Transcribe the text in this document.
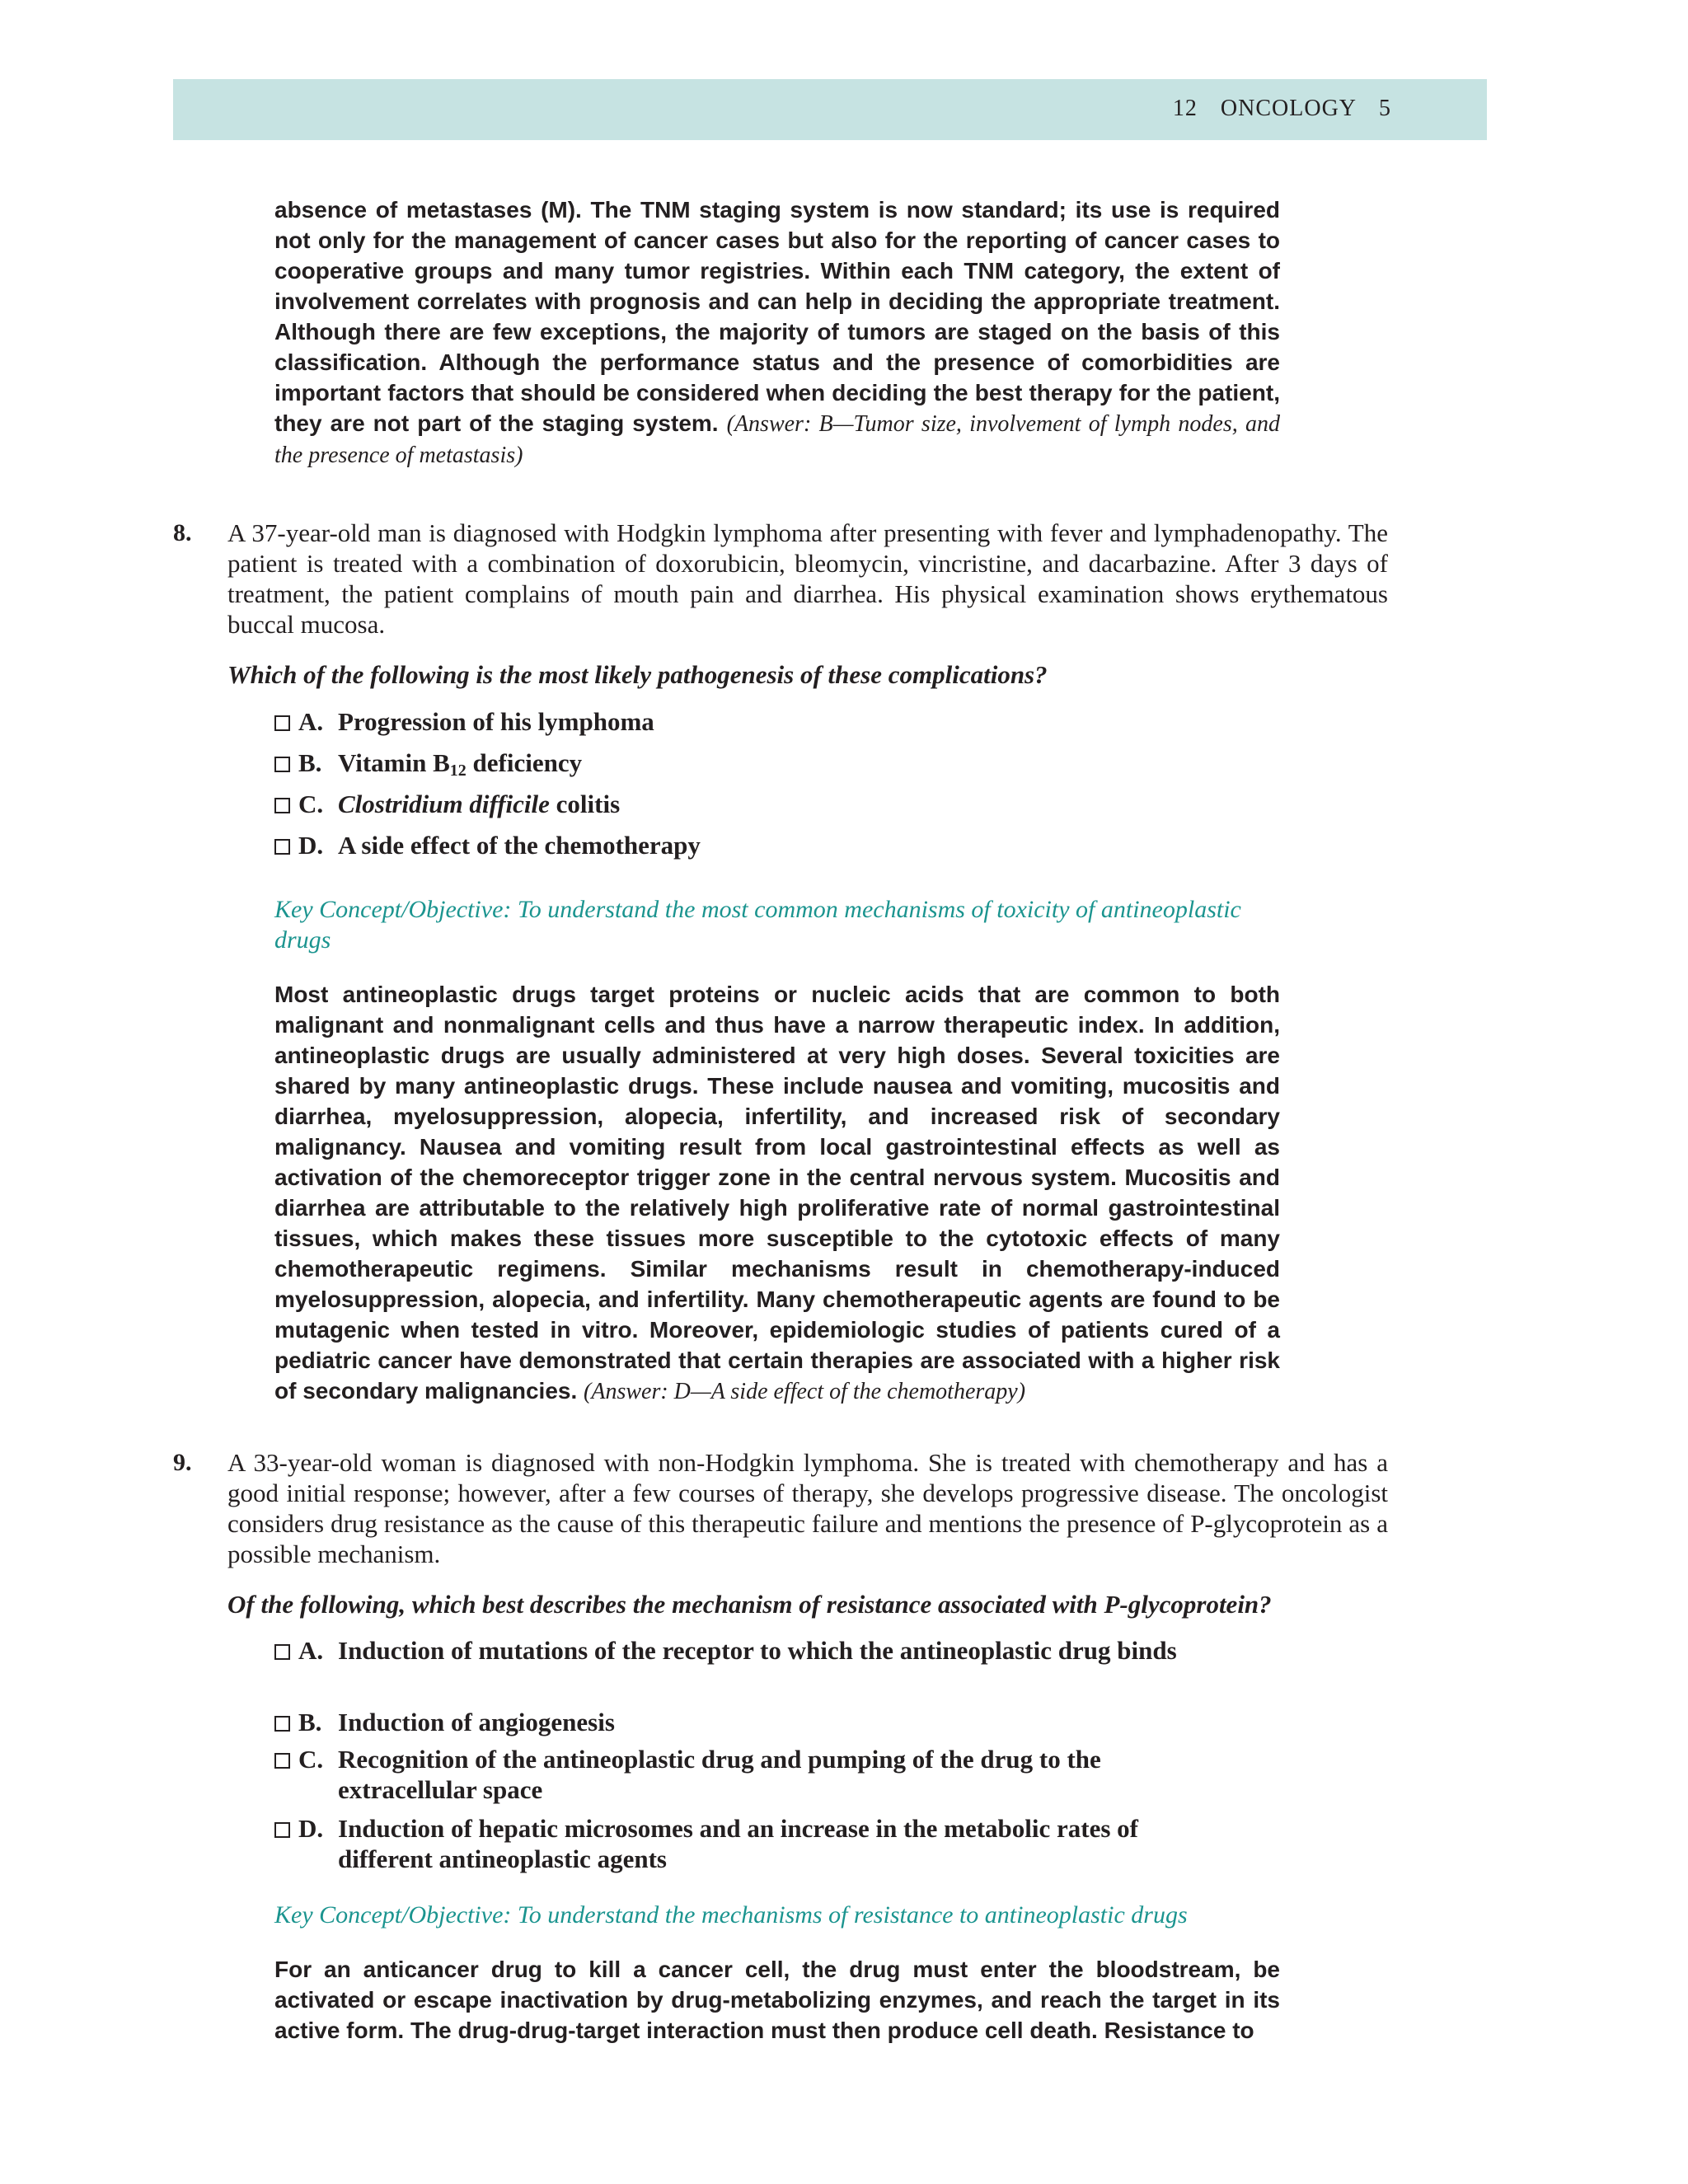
12 ONCOLOGY 5
absence of metastases (M). The TNM staging system is now standard; its use is required not only for the management of cancer cases but also for the reporting of cancer cases to cooperative groups and many tumor registries. Within each TNM category, the extent of involvement correlates with prognosis and can help in deciding the appropriate treatment. Although there are few exceptions, the majority of tumors are staged on the basis of this classification. Although the performance status and the presence of comorbidities are important factors that should be considered when deciding the best therapy for the patient, they are not part of the staging system. (Answer: B—Tumor size, involvement of lymph nodes, and the presence of metastasis)
8. A 37-year-old man is diagnosed with Hodgkin lymphoma after presenting with fever and lymphadenopathy. The patient is treated with a combination of doxorubicin, bleomycin, vincristine, and dacarbazine. After 3 days of treatment, the patient complains of mouth pain and diarrhea. His physical examination shows erythematous buccal mucosa.
Which of the following is the most likely pathogenesis of these complications?
A. Progression of his lymphoma
B. Vitamin $B_{12}$ deficiency
C. Clostridium difficile colitis
D. A side effect of the chemotherapy
Key Concept/Objective: To understand the most common mechanisms of toxicity of antineoplastic drugs
Most antineoplastic drugs target proteins or nucleic acids that are common to both malignant and nonmalignant cells and thus have a narrow therapeutic index. In addition, antineoplastic drugs are usually administered at very high doses. Several toxicities are shared by many antineoplastic drugs. These include nausea and vomiting, mucositis and diarrhea, myelosuppression, alopecia, infertility, and increased risk of secondary malignancy. Nausea and vomiting result from local gastrointestinal effects as well as activation of the chemoreceptor trigger zone in the central nervous system. Mucositis and diarrhea are attributable to the relatively high proliferative rate of normal gastrointestinal tissues, which makes these tissues more susceptible to the cytotoxic effects of many chemotherapeutic regimens. Similar mechanisms result in chemotherapy-induced myelosuppression, alopecia, and infertility. Many chemotherapeutic agents are found to be mutagenic when tested in vitro. Moreover, epidemiologic studies of patients cured of a pediatric cancer have demonstrated that certain therapies are associated with a higher risk of secondary malignancies. (Answer: D—A side effect of the chemotherapy)
9. A 33-year-old woman is diagnosed with non-Hodgkin lymphoma. She is treated with chemotherapy and has a good initial response; however, after a few courses of therapy, she develops progressive disease. The oncologist considers drug resistance as the cause of this therapeutic failure and mentions the presence of P-glycoprotein as a possible mechanism.
Of the following, which best describes the mechanism of resistance associated with P-glycoprotein?
A. Induction of mutations of the receptor to which the antineoplastic drug binds
B. Induction of angiogenesis
C. Recognition of the antineoplastic drug and pumping of the drug to the extracellular space
D. Induction of hepatic microsomes and an increase in the metabolic rates of different antineoplastic agents
Key Concept/Objective: To understand the mechanisms of resistance to antineoplastic drugs
For an anticancer drug to kill a cancer cell, the drug must enter the bloodstream, be activated or escape inactivation by drug-metabolizing enzymes, and reach the target in its active form. The drug-drug-target interaction must then produce cell death. Resistance to
